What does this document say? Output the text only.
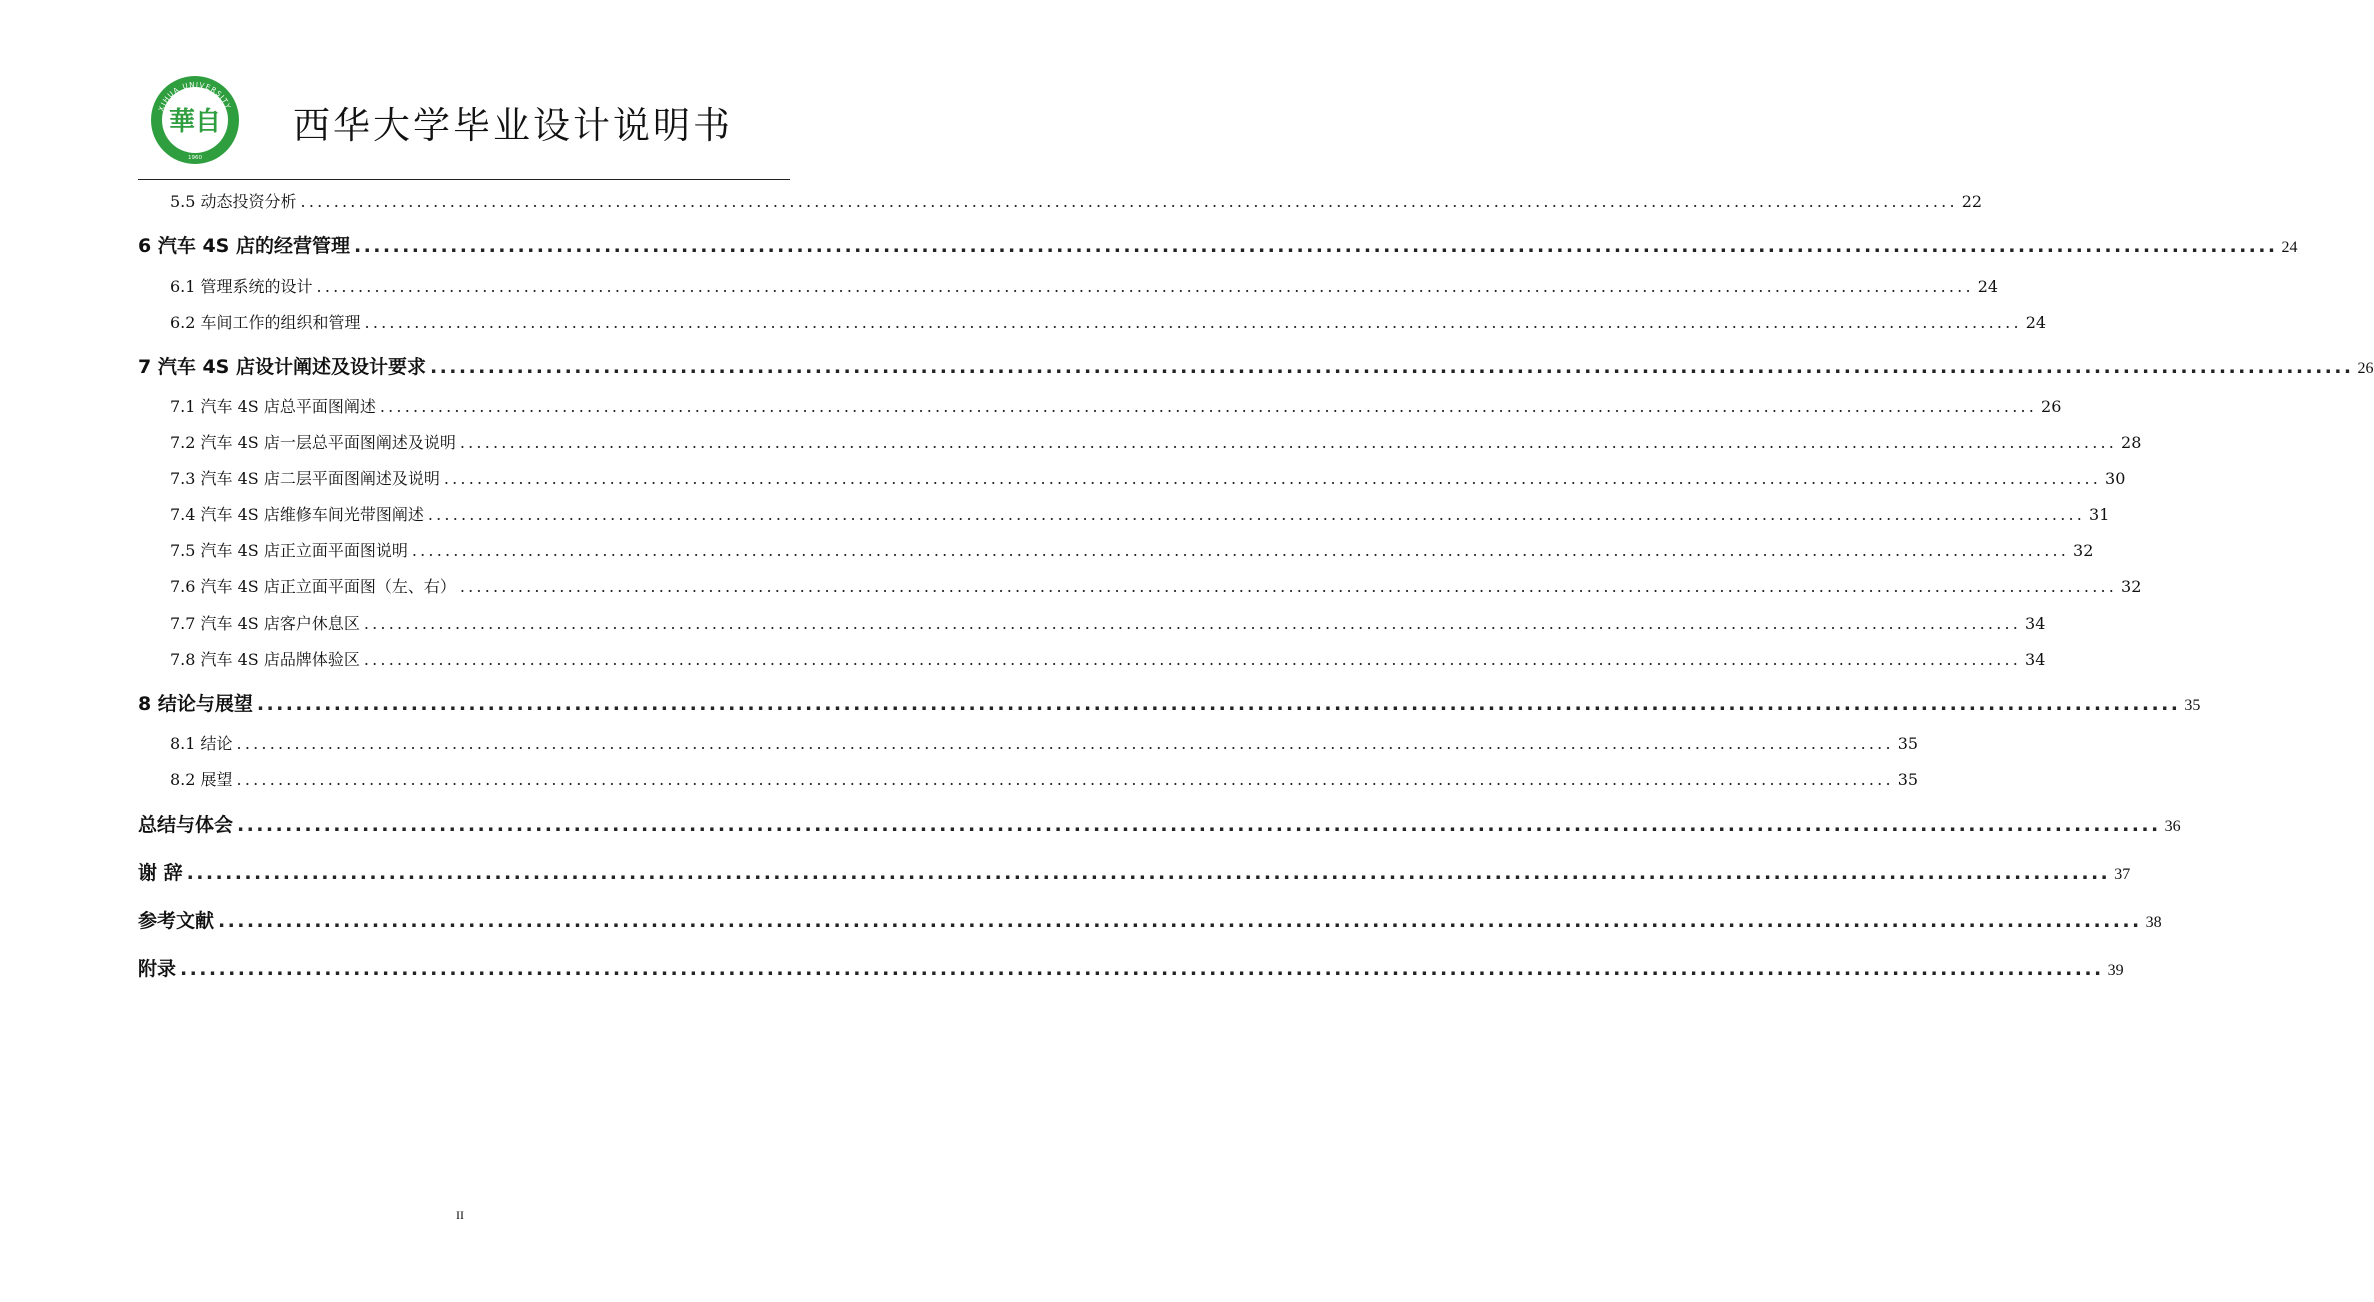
XIHUA UNIVERSITY
1960
華自 西华大学毕业设计说明书
5.5 动态投资分析 ........................................................................................................................................................................................................ 22
6 汽车 4S 店的经营管理 ........................................................................................................................................................................................................ 24
6.1 管理系统的设计 ........................................................................................................................................................................................................ 24
6.2 车间工作的组织和管理 ........................................................................................................................................................................................................ 24
7 汽车 4S 店设计阐述及设计要求 ........................................................................................................................................................................................................ 26
7.1 汽车 4S 店总平面图阐述 ........................................................................................................................................................................................................ 26
7.2 汽车 4S 店一层总平面图阐述及说明 ........................................................................................................................................................................................................ 28
7.3 汽车 4S 店二层平面图阐述及说明 ........................................................................................................................................................................................................ 30
7.4 汽车 4S 店维修车间光带图阐述 ........................................................................................................................................................................................................ 31
7.5 汽车 4S 店正立面平面图说明 ........................................................................................................................................................................................................ 32
7.6 汽车 4S 店正立面平面图（左、右） ........................................................................................................................................................................................................ 32
7.7 汽车 4S 店客户休息区 ........................................................................................................................................................................................................ 34
7.8 汽车 4S 店品牌体验区 ........................................................................................................................................................................................................ 34
8 结论与展望 ........................................................................................................................................................................................................ 35
8.1 结论 ........................................................................................................................................................................................................ 35
8.2 展望 ........................................................................................................................................................................................................ 35
总结与体会 ........................................................................................................................................................................................................ 36
谢 辞 ........................................................................................................................................................................................................ 37
参考文献 ........................................................................................................................................................................................................ 38
附录 ........................................................................................................................................................................................................ 39
II
